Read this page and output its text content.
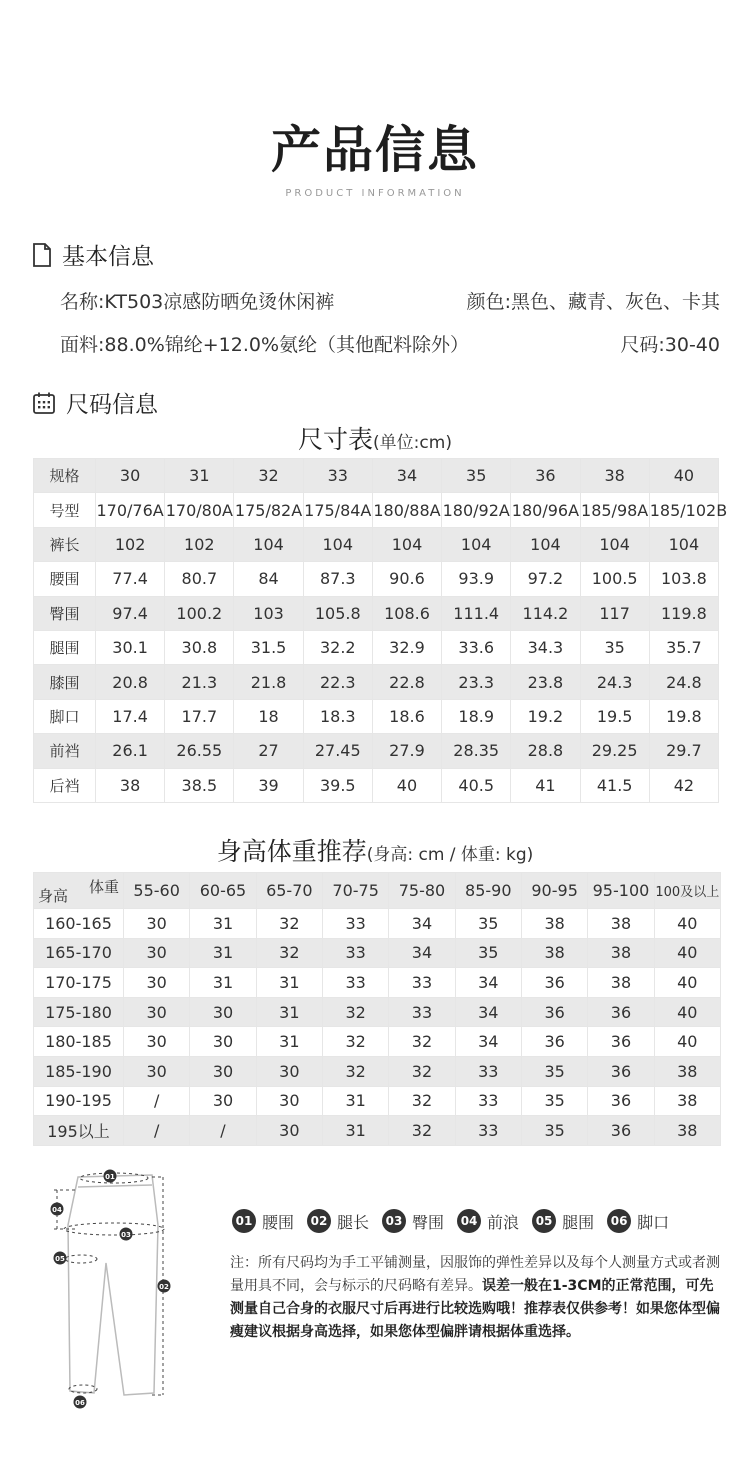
产品信息
PRODUCT INFORMATION
基本信息
名称:KT503凉感防晒免烫休闲裤	颜色:黑色、藏青、灰色、卡其
面料:88.0%锦纶+12.0%氨纶（其他配料除外）	尺码:30-40
尺码信息
尺寸表(单位:cm)
规格	30	31	32	33	34	35	36	38	40
号型	170/76A	170/80A	175/82A	175/84A	180/88A	180/92A	180/96A	185/98A	185/102B
裤长	102	102	104	104	104	104	104	104	104
腰围	77.4	80.7	84	87.3	90.6	93.9	97.2	100.5	103.8
臀围	97.4	100.2	103	105.8	108.6	111.4	114.2	117	119.8
腿围	30.1	30.8	31.5	32.2	32.9	33.6	34.3	35	35.7
膝围	20.8	21.3	21.8	22.3	22.8	23.3	23.8	24.3	24.8
脚口	17.4	17.7	18	18.3	18.6	18.9	19.2	19.5	19.8
前裆	26.1	26.55	27	27.45	27.9	28.35	28.8	29.25	29.7
后裆	38	38.5	39	39.5	40	40.5	41	41.5	42
身高体重推荐(身高: cm / 体重: kg)
体重
身高	55-60	60-65	65-70	70-75	75-80	85-90	90-95	95-100	100及以上
160-165	30	31	32	33	34	35	38	38	40
165-170	30	31	32	33	34	35	38	38	40
170-175	30	31	31	33	33	34	36	38	40
175-180	30	30	31	32	33	34	36	36	40
180-185	30	30	31	32	32	34	36	36	40
185-190	30	30	30	32	32	33	35	36	38
190-195	/	30	30	31	32	33	35	36	38
195以上	/	/	30	31	32	33	35	36	38
01
02
03
04
05
06
01 腰围	02 腿长	03 臀围	04 前浪	05 腿围	06 脚口
注：所有尺码均为手工平铺测量，因服饰的弹性差异以及每个人测量方式或者测量用具不同，会与标示的尺码略有差异。误差一般在1-3CM的正常范围，可先测量自己合身的衣服尺寸后再进行比较选购哦！推荐表仅供参考！如果您体型偏瘦建议根据身高选择，如果您体型偏胖请根据体重选择。
